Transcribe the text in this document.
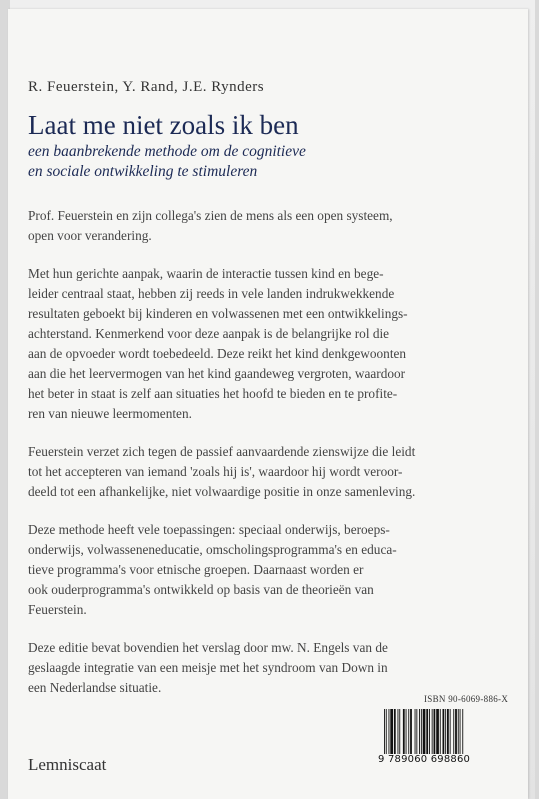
R. Feuerstein, Y. Rand, J.E. Rynders
Laat me niet zoals ik ben
een baanbrekende methode om de cognitieve
en sociale ontwikkeling te stimuleren

Prof. Feuerstein en zijn collega's zien de mens als een open systeem,
open voor verandering.

Met hun gerichte aanpak, waarin de interactie tussen kind en bege-
leider centraal staat, hebben zij reeds in vele landen indrukwekkende
resultaten geboekt bij kinderen en volwassenen met een ontwikkelings-
achterstand. Kenmerkend voor deze aanpak is de belangrijke rol die
aan de opvoeder wordt toebedeeld. Deze reikt het kind denkgewoonten
aan die het leervermogen van het kind gaandeweg vergroten, waardoor
het beter in staat is zelf aan situaties het hoofd te bieden en te profite-
ren van nieuwe leermomenten.

Feuerstein verzet zich tegen de passief aanvaardende zienswijze die leidt
tot het accepteren van iemand 'zoals hij is', waardoor hij wordt veroor-
deeld tot een afhankelijke, niet volwaardige positie in onze samenleving.

Deze methode heeft vele toepassingen: speciaal onderwijs, beroeps-
onderwijs, volwasseneneducatie, omscholingsprogramma's en educa-
tieve programma's voor etnische groepen. Daarnaast worden er
ook ouderprogramma's ontwikkeld op basis van de theorieën van
Feuerstein.

Deze editie bevat bovendien het verslag door mw. N. Engels van de
geslaagde integratie van een meisje met het syndroom van Down in
een Nederlandse situatie.

ISBN 90-6069-886-X
9 789060 698860
Lemniscaat
